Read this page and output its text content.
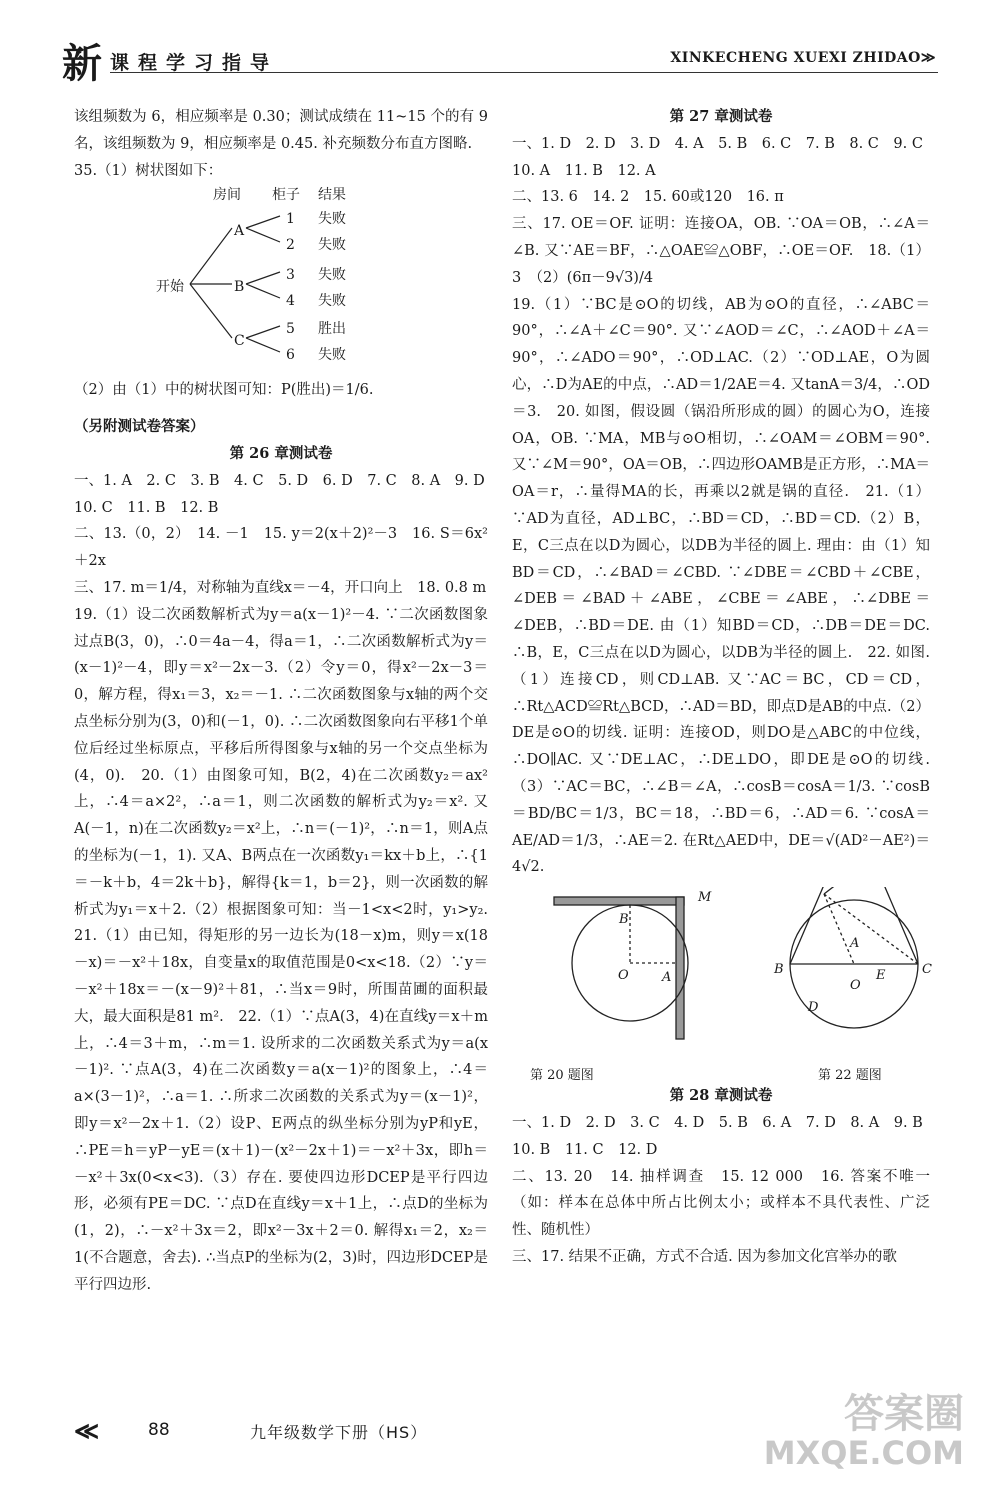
新 课程学习指导	XINKECHENG XUEXI ZHIDAO≫

该组频数为 6，相应频率是 0.30；测试成绩在 11~15 个的有 9 名，该组频数为 9，相应频率是 0.45. 补充频数分布直方图略.

35.（1）树状图如下：

房间 柜子 结果
开始
A
B
C
1
2
3
4
5
6
失败
失败
失败
失败
胜出
失败

（2）由（1）中的树状图可知：P(胜出)＝1/6.

（另附测试卷答案）

第 26 章测试卷

一、1. A　2. C　3. B　4. C　5. D　6. D　7. C　8. A　9. D

10. C　11. B　12. B

二、13.（0，2）　14. －1　15. y＝2(x＋2)²－3　16. S＝6x²＋2x

三、17. m＝1/4，对称轴为直线x＝－4，开口向上　18. 0.8 m

19.（1）设二次函数解析式为y＝a(x－1)²－4. ∵二次函数图象过点B(3，0)，∴0＝4a－4，得a＝1，∴二次函数解析式为y＝(x－1)²－4，即y＝x²－2x－3.（2）令y＝0，得x²－2x－3＝0，解方程，得x₁＝3，x₂＝－1. ∴二次函数图象与x轴的两个交点坐标分别为(3，0)和(－1，0). ∴二次函数图象向右平移1个单位后经过坐标原点，平移后所得图象与x轴的另一个交点坐标为(4，0).　20.（1）由图象可知，B(2，4)在二次函数y₂＝ax²上，∴4＝a×2²，∴a＝1，则二次函数的解析式为y₂＝x². 又A(－1，n)在二次函数y₂＝x²上，∴n＝(－1)²，∴n＝1，则A点的坐标为(－1，1). 又A、B两点在一次函数y₁＝kx＋b上，∴{1＝－k＋b，4＝2k＋b}，解得{k＝1，b＝2}，则一次函数的解析式为y₁＝x＋2.（2）根据图象可知：当－1<x<2时，y₁>y₂.　21.（1）由已知，得矩形的另一边长为(18－x)m，则y＝x(18－x)＝－x²＋18x，自变量x的取值范围是0<x<18.（2）∵y＝－x²＋18x＝－(x－9)²＋81，∴当x＝9时，所围苗圃的面积最大，最大面积是81 m².　22.（1）∵点A(3，4)在直线y＝x＋m上，∴4＝3＋m，∴m＝1. 设所求的二次函数关系式为y＝a(x－1)². ∵点A(3，4)在二次函数y＝a(x－1)²的图象上，∴4＝a×(3－1)²，∴a＝1. ∴所求二次函数的关系式为y＝(x－1)²，即y＝x²－2x＋1.（2）设P、E两点的纵坐标分别为yP和yE，∴PE＝h＝yP－yE＝(x＋1)－(x²－2x＋1)＝－x²＋3x，即h＝－x²＋3x(0<x<3).（3）存在. 要使四边形DCEP是平行四边形，必须有PE＝DC. ∵点D在直线y＝x＋1上，∴点D的坐标为(1，2)，∴－x²＋3x＝2，即x²－3x＋2＝0. 解得x₁＝2，x₂＝1(不合题意，舍去). ∴当点P的坐标为(2，3)时，四边形DCEP是平行四边形.

第 27 章测试卷

一、1. D　2. D　3. D　4. A　5. B　6. C　7. B　8. C　9. C

10. A　11. B　12. A

二、13. 6　14. 2　15. 60或120　16. π

三、17. OE＝OF. 证明：连接OA，OB. ∵OA＝OB，∴∠A＝∠B. 又∵AE＝BF，∴△OAE≌△OBF，∴OE＝OF.　18.（1）3　（2）(6π－9√3)/4

19.（1）∵BC是⊙O的切线，AB为⊙O的直径，∴∠ABC＝90°，∴∠A＋∠C＝90°. 又∵∠AOD＝∠C，∴∠AOD＋∠A＝90°，∴∠ADO＝90°，∴OD⊥AC.（2）∵OD⊥AE，O为圆心，∴D为AE的中点，∴AD＝1/2AE＝4. 又tanA＝3/4，∴OD＝3.　20. 如图，假设圆（锅沿所形成的圆）的圆心为O，连接OA，OB. ∵MA，MB与⊙O相切，∴∠OAM＝∠OBM＝90°. 又∵∠M＝90°，OA＝OB，∴四边形OAMB是正方形，∴MA＝OA＝r，∴量得MA的长，再乘以2就是锅的直径.　21.（1）∵AD为直径，AD⊥BC，∴BD＝CD，∴BD＝CD.（2）B，E，C三点在以D为圆心，以DB为半径的圆上. 理由：由（1）知BD＝CD，∴∠BAD＝∠CBD. ∵∠DBE＝∠CBD＋∠CBE，∠DEB＝∠BAD＋∠ABE，∠CBE＝∠ABE，∴∠DBE＝∠DEB，∴BD＝DE. 由（1）知BD＝CD，∴DB＝DE＝DC. ∴B，E，C三点在以D为圆心，以DB为半径的圆上.　22. 如图.（1）连接CD，则CD⊥AB. 又∵AC＝BC，CD＝CD，∴Rt△ACD≌Rt△BCD，∴AD＝BD，即点D是AB的中点.（2）DE是⊙O的切线. 证明：连接OD，则DO是△ABC的中位线，∴DO∥AC. 又∵DE⊥AC，∴DE⊥DO，即DE是⊙O的切线.（3）∵AC＝BC，∴∠B＝∠A，∴cosB＝cosA＝1/3. ∵cosB＝BD/BC＝1/3，BC＝18，∴BD＝6，∴AD＝6. ∵cosA＝AE/AD＝1/3，∴AE＝2. 在Rt△AED中，DE＝√(AD²－AE²)＝4√2.

M
B
O	A
B
O
C
第 20 题图	第 22 题图

第 28 章测试卷

一、1. D　2. D　3. C　4. D　5. B　6. A　7. D　8. A　9. B

10. B　11. C　12. D

二、13. 20　14. 抽样调查　15. 12 000　16. 答案不唯一（如：样本在总体中所占比例太小；或样本不具代表性、广泛性、随机性）

三、17. 结果不正确，方式不合适. 因为参加文化宫举办的歌

A
E
D
≪	88	九年级数学下册（HS）	答案圈
MXQE.COM
